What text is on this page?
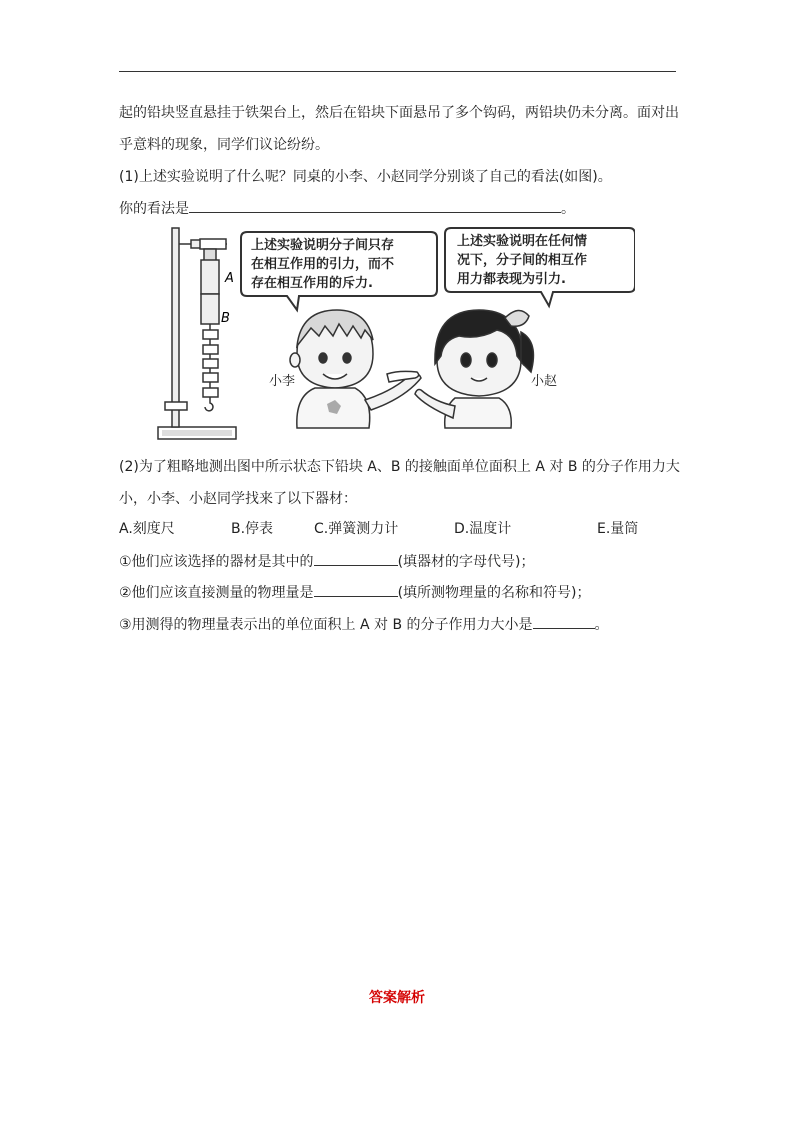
起的铅块竖直悬挂于铁架台上，然后在铅块下面悬吊了多个钩码，两铅块仍未分离。面对出
乎意料的现象，同学们议论纷纷。
(1)上述实验说明了什么呢？同桌的小李、小赵同学分别谈了自己的看法(如图)。
你的看法是	。
A
B
上述实验说明分子间只存
在相互作用的引力，而不
存在相互作用的斥力.
上述实验说明在任何情
况下，分子间的相互作
用力都表现为引力.
小李	小赵
(2)为了粗略地测出图中所示状态下铅块 A、B 的接触面单位面积上 A 对 B 的分子作用力大
小，小李、小赵同学找来了以下器材：
A.刻度尺	B.停表	C.弹簧测力计	D.温度计	E.量筒
①他们应该选择的器材是其中的	(填器材的字母代号)；
②他们应该直接测量的物理量是	(填所测物理量的名称和符号)；
③用测得的物理量表示出的单位面积上 A 对 B 的分子作用力大小是	。
答案解析
